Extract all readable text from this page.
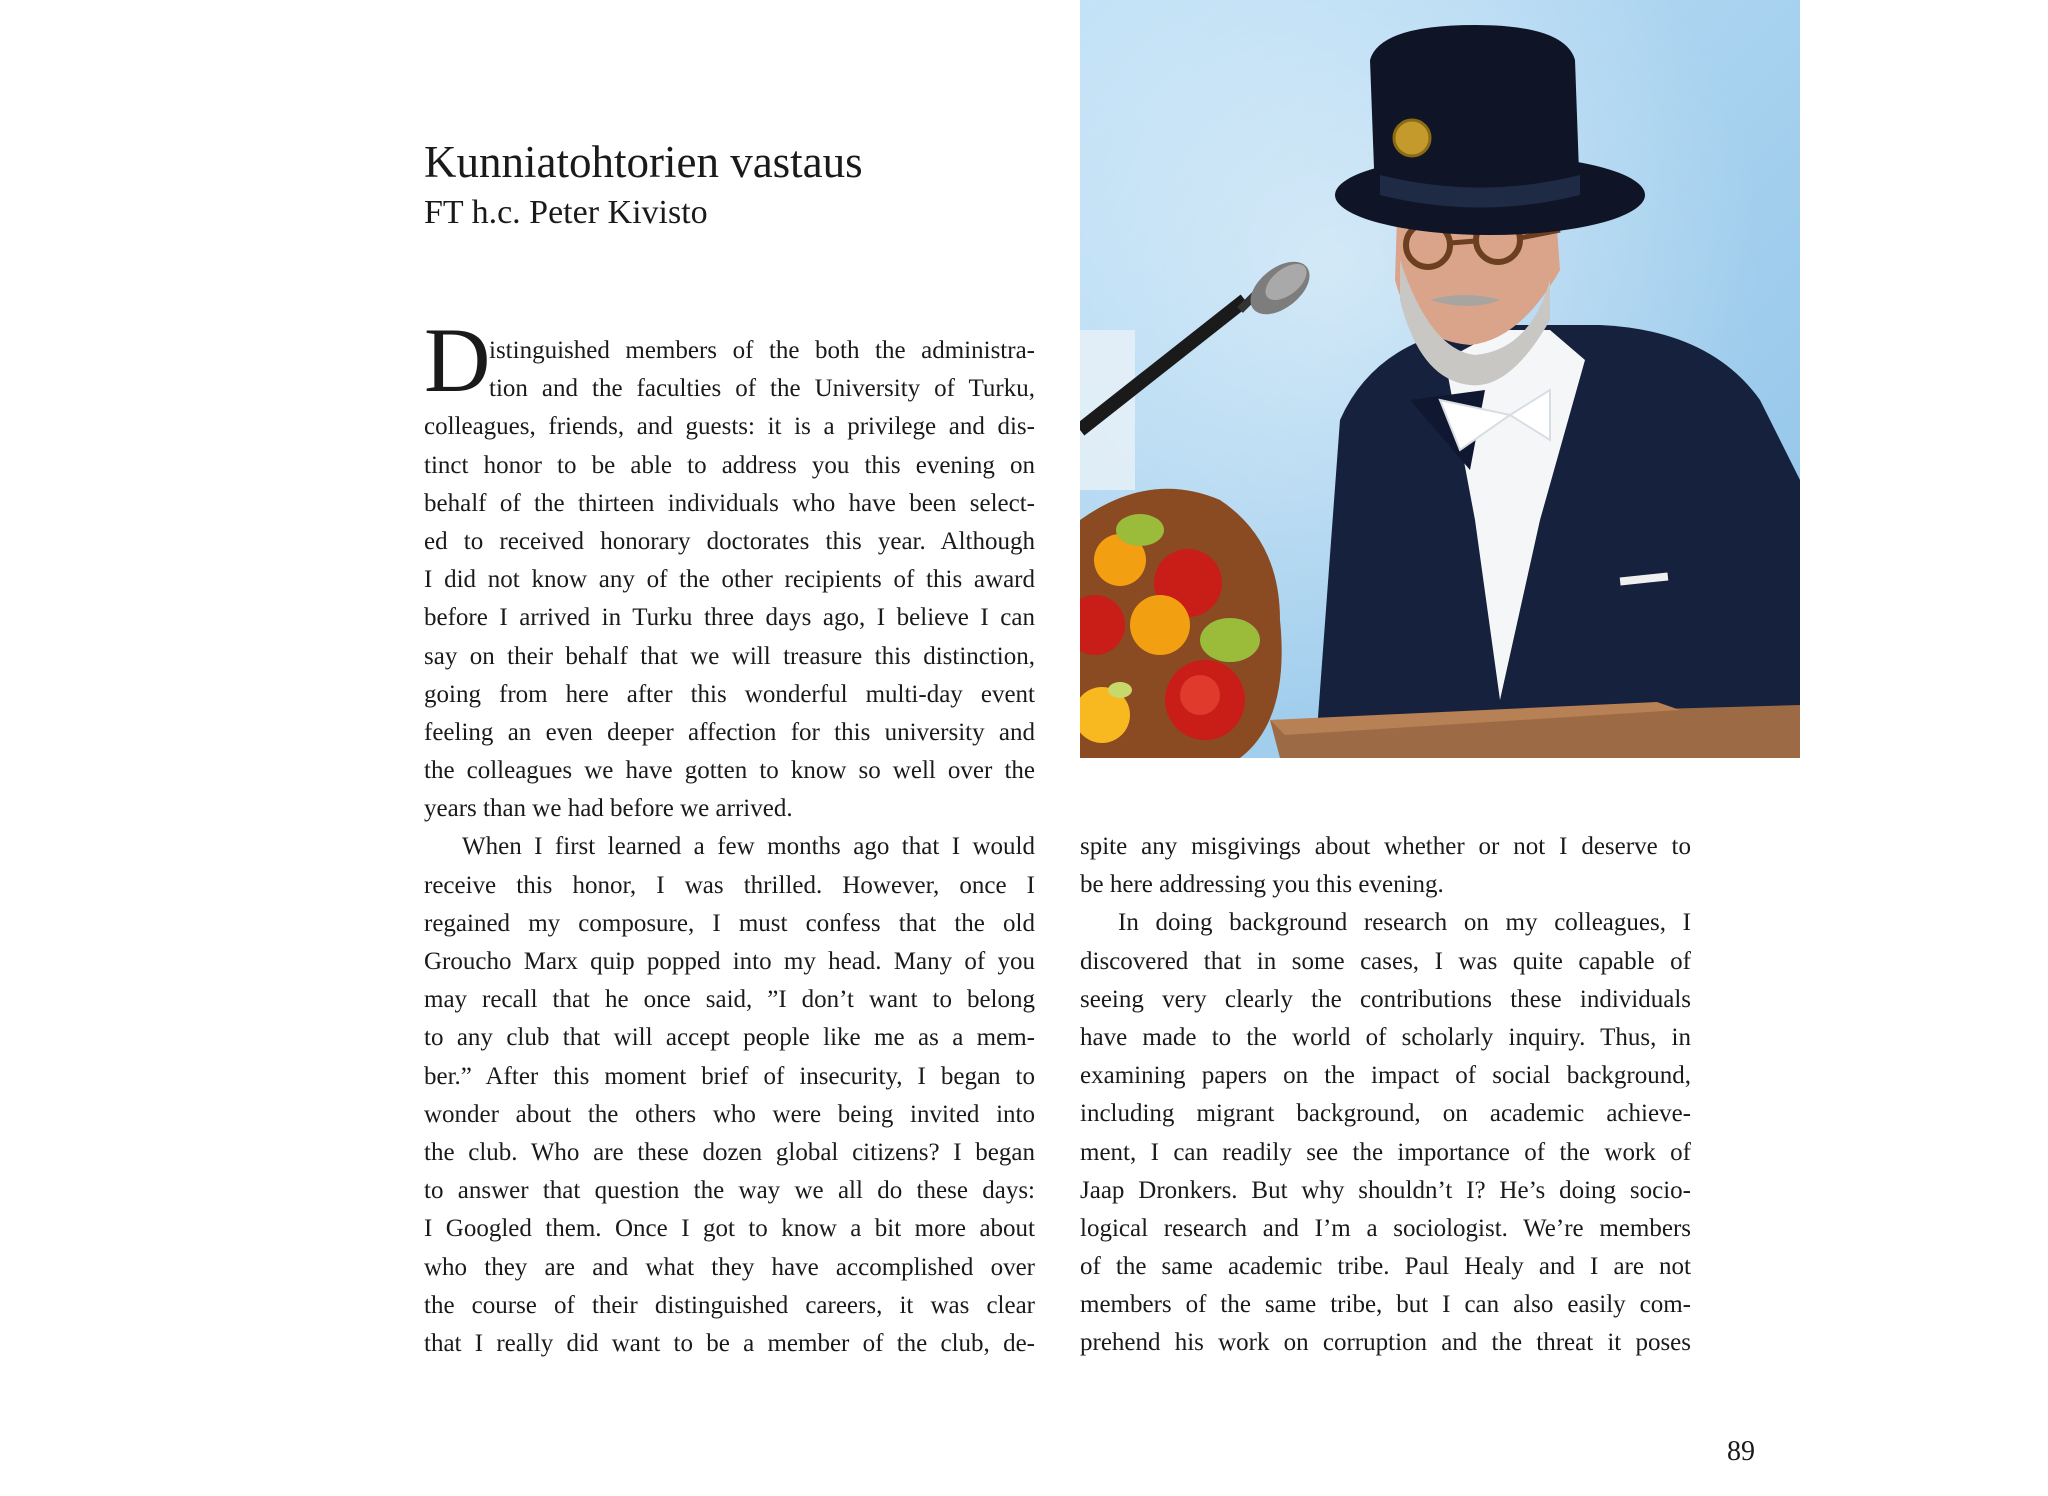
Kunniatohtorien vastaus
FT h.c. Peter Kivisto
D
istinguished members of the both the administra-
tion and the faculties of the University of Turku,
colleagues, friends, and guests: it is a privilege and dis-
tinct honor to be able to address you this evening on
behalf of the thirteen individuals who have been select-
ed to received honorary doctorates this year. Although
I did not know any of the other recipients of this award
before I arrived in Turku three days ago, I believe I can
say on their behalf that we will treasure this distinction,
going from here after this wonderful multi-day event
feeling an even deeper affection for this university and
the colleagues we have gotten to know so well over the
years than we had before we arrived.
When I first learned a few months ago that I would
receive this honor, I was thrilled. However, once I
regained my composure, I must confess that the old
Groucho Marx quip popped into my head. Many of you
may recall that he once said, ”I don’t want to belong
to any club that will accept people like me as a mem-
ber.” After this moment brief of insecurity, I began to
wonder about the others who were being invited into
the club. Who are these dozen global citizens? I began
to answer that question the way we all do these days:
I Googled them. Once I got to know a bit more about
who they are and what they have accomplished over
the course of their distinguished careers, it was clear
that I really did want to be a member of the club, de-
spite any misgivings about whether or not I deserve to
be here addressing you this evening.
In doing background research on my colleagues, I
discovered that in some cases, I was quite capable of
seeing very clearly the contributions these individuals
have made to the world of scholarly inquiry. Thus, in
examining papers on the impact of social background,
including migrant background, on academic achieve-
ment, I can readily see the importance of the work of
Jaap Dronkers. But why shouldn’t I? He’s doing socio-
logical research and I’m a sociologist. We’re members
of the same academic tribe. Paul Healy and I are not
members of the same tribe, but I can also easily com-
prehend his work on corruption and the threat it poses
89
